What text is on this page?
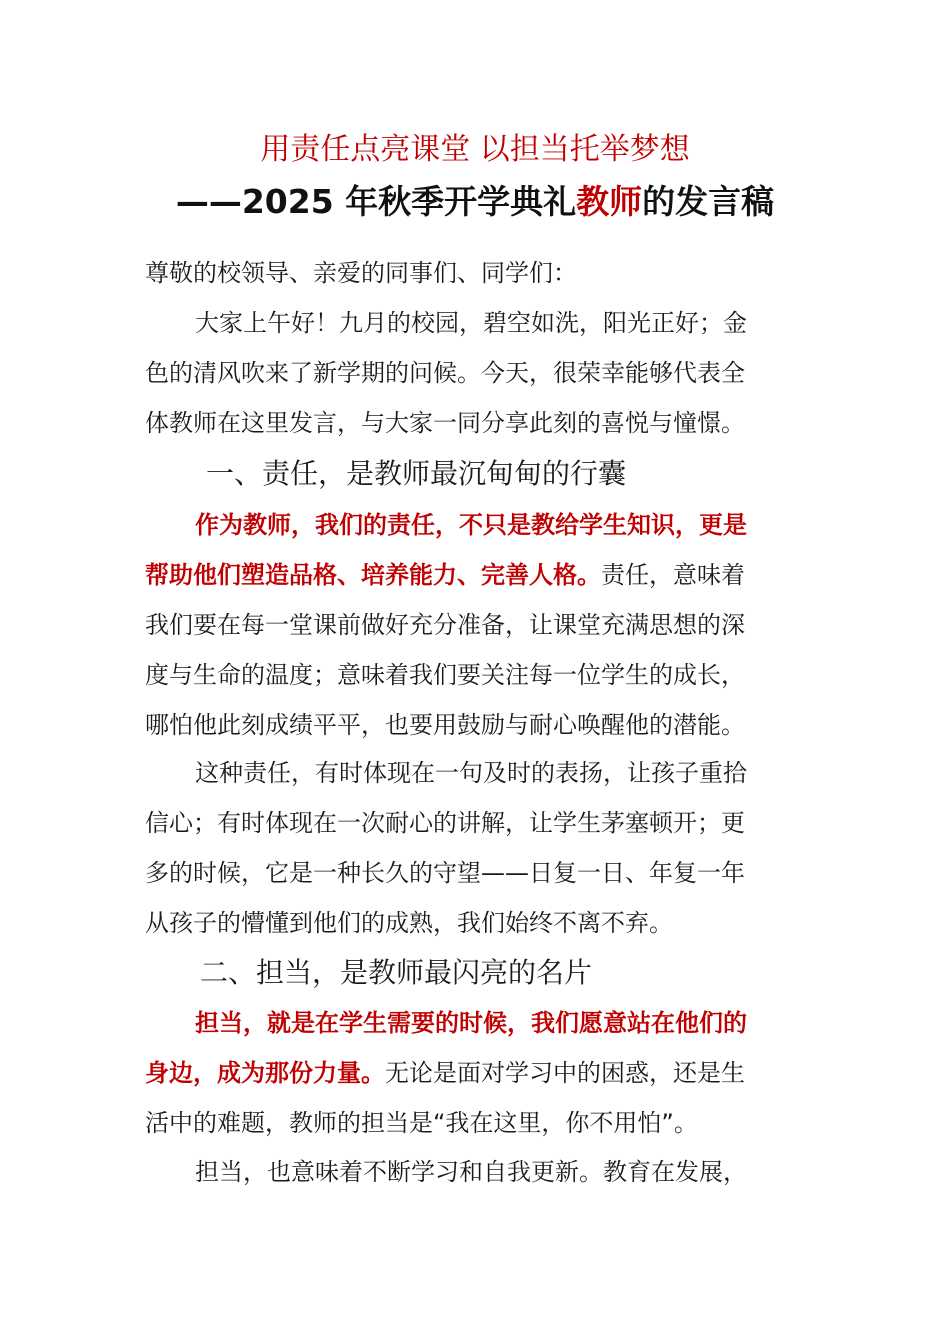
用责任点亮课堂 以担当托举梦想
——2025 年秋季开学典礼教师的发言稿
尊敬的校领导、亲爱的同事们、同学们：
大家上午好！九月的校园，碧空如洗，阳光正好；金
色的清风吹来了新学期的问候。今天，很荣幸能够代表全
体教师在这里发言，与大家一同分享此刻的喜悦与憧憬。
一、责任，是教师最沉甸甸的行囊
作为教师，我们的责任，不只是教给学生知识，更是
帮助他们塑造品格、培养能力、完善人格。责任，意味着
我们要在每一堂课前做好充分准备，让课堂充满思想的深
度与生命的温度；意味着我们要关注每一位学生的成长，
哪怕他此刻成绩平平，也要用鼓励与耐心唤醒他的潜能。
这种责任，有时体现在一句及时的表扬，让孩子重拾
信心；有时体现在一次耐心的讲解，让学生茅塞顿开；更
多的时候，它是一种长久的守望——日复一日、年复一年
从孩子的懵懂到他们的成熟，我们始终不离不弃。
二、担当，是教师最闪亮的名片
担当，就是在学生需要的时候，我们愿意站在他们的
身边，成为那份力量。无论是面对学习中的困惑，还是生
活中的难题，教师的担当是“我在这里，你不用怕”。
担当，也意味着不断学习和自我更新。教育在发展，
